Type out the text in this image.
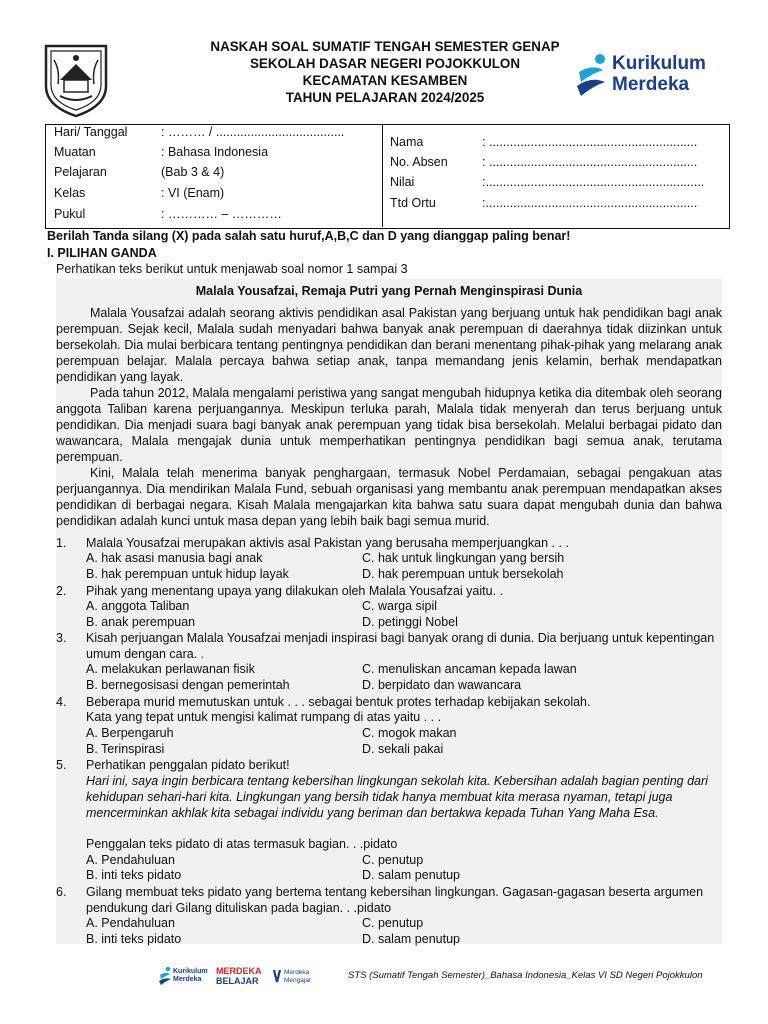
NASKAH SOAL SUMATIF TENGAH SEMESTER GENAP
SEKOLAH DASAR NEGERI POJOKKULON
KECAMATAN KESAMBEN
TAHUN PELAJARAN 2024/2025
Kurikulum
Merdeka
Hari/ Tanggal	: ……… / .....................................
Muatan	: Bahasa Indonesia
Pelajaran	(Bab 3 & 4)
Kelas	: VI (Enam)
Pukul	: ………… – …………
Nama	: ............................................................
No. Absen	: ............................................................
Nilai	:...............................................................
Ttd Ortu	:.............................................................
Berilah Tanda silang (X) pada salah satu huruf,A,B,C dan D yang dianggap paling benar!
I. PILIHAN GANDA
Perhatikan teks berikut untuk menjawab soal nomor 1 sampai 3
Malala Yousafzai, Remaja Putri yang Pernah Menginspirasi Dunia
Malala Yousafzai adalah seorang aktivis pendidikan asal Pakistan yang berjuang untuk hak pendidikan bagi anak perempuan. Sejak kecil, Malala sudah menyadari bahwa banyak anak perempuan di daerahnya tidak diizinkan untuk bersekolah. Dia mulai berbicara tentang pentingnya pendidikan dan berani menentang pihak-pihak yang melarang anak perempuan belajar. Malala percaya bahwa setiap anak, tanpa memandang jenis kelamin, berhak mendapatkan pendidikan yang layak.
Pada tahun 2012, Malala mengalami peristiwa yang sangat mengubah hidupnya ketika dia ditembak oleh seorang anggota Taliban karena perjuangannya. Meskipun terluka parah, Malala tidak menyerah dan terus berjuang untuk pendidikan. Dia menjadi suara bagi banyak anak perempuan yang tidak bisa bersekolah. Melalui berbagai pidato dan wawancara, Malala mengajak dunia untuk memperhatikan pentingnya pendidikan bagi semua anak, terutama perempuan.
Kini, Malala telah menerima banyak penghargaan, termasuk Nobel Perdamaian, sebagai pengakuan atas perjuangannya. Dia mendirikan Malala Fund, sebuah organisasi yang membantu anak perempuan mendapatkan akses pendidikan di berbagai negara. Kisah Malala mengajarkan kita bahwa satu suara dapat mengubah dunia dan bahwa pendidikan adalah kunci untuk masa depan yang lebih baik bagi semua murid.
1. Malala Yousafzai merupakan aktivis asal Pakistan yang berusaha memperjuangkan . . .
A. hak asasi manusia bagi anak	C. hak untuk lingkungan yang bersih
B. hak perempuan untuk hidup layak	D. hak perempuan untuk bersekolah
2. Pihak yang menentang upaya yang dilakukan oleh Malala Yousafzai yaitu. .
A. anggota Taliban	C. warga sipil
B. anak perempuan	D. petinggi Nobel
3. Kisah perjuangan Malala Yousafzai menjadi inspirasi bagi banyak orang di dunia. Dia berjuang untuk kepentingan umum dengan cara. .
A. melakukan perlawanan fisik	C. menuliskan ancaman kepada lawan
B. bernegosisasi dengan pemerintah	D. berpidato dan wawancara
4. Beberapa murid memutuskan untuk . . . sebagai bentuk protes terhadap kebijakan sekolah.
Kata yang tepat untuk mengisi kalimat rumpang di atas yaitu . . .
A. Berpengaruh	C. mogok makan
B. Terinspirasi	D. sekali pakai
5. Perhatikan penggalan pidato berikut!
Hari ini, saya ingin berbicara tentang kebersihan lingkungan sekolah kita. Kebersihan adalah bagian penting dari kehidupan sehari-hari kita. Lingkungan yang bersih tidak hanya membuat kita merasa nyaman, tetapi juga mencerminkan akhlak kita sebagai individu yang beriman dan bertakwa kepada Tuhan Yang Maha Esa.
Penggalan teks pidato di atas termasuk bagian. . .pidato
A. Pendahuluan	C. penutup
B. inti teks pidato	D. salam penutup
6. Gilang membuat teks pidato yang bertema tentang kebersihan lingkungan. Gagasan-gagasan beserta argumen pendukung dari Gilang dituliskan pada bagian. . .pidato
A. Pendahuluan	C. penutup
B. inti teks pidato	D. salam penutup
Kurikulum
Merdeka
MERDEKA
BELAJAR
Merdeka
Mengajar	STS (Sumatif Tengah Semester)_Bahasa Indonesia_Kelas VI SD Negeri Pojokkulon
